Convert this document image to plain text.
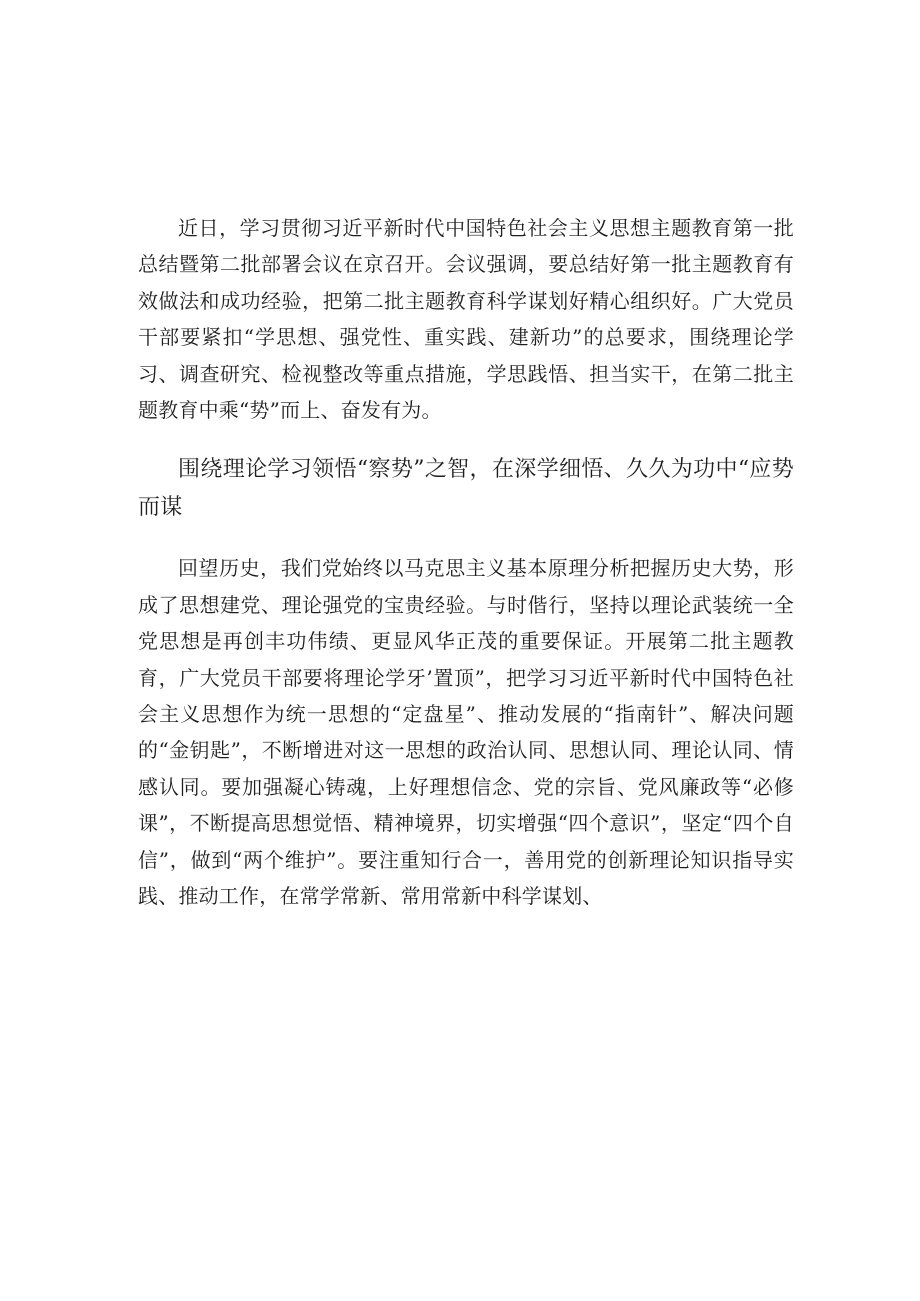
近日，学习贯彻习近平新时代中国特色社会主义思想主题教育第一批总结暨第二批部署会议在京召开。会议强调，要总结好第一批主题教育有效做法和成功经验，把第二批主题教育科学谋划好精心组织好。广大党员干部要紧扣“学思想、强党性、重实践、建新功”的总要求，围绕理论学习、调查研究、检视整改等重点措施，学思践悟、担当实干，在第二批主题教育中乘“势”而上、奋发有为。

围绕理论学习领悟“察势”之智，在深学细悟、久久为功中“应势而谋

回望历史，我们党始终以马克思主义基本原理分析把握历史大势，形成了思想建党、理论强党的宝贵经验。与时偕行，坚持以理论武装统一全党思想是再创丰功伟绩、更显风华正茂的重要保证。开展第二批主题教育，广大党员干部要将理论学牙’置顶”，把学习习近平新时代中国特色社会主义思想作为统一思想的“定盘星”、推动发展的“指南针”、解决问题的“金钥匙”，不断增进对这一思想的政治认同、思想认同、理论认同、情感认同。要加强凝心铸魂，上好理想信念、党的宗旨、党风廉政等“必修课”，不断提高思想觉悟、精神境界，切实增强“四个意识”，坚定“四个自信”，做到“两个维护”。要注重知行合一，善用党的创新理论知识指导实践、推动工作，在常学常新、常用常新中科学谋划、
